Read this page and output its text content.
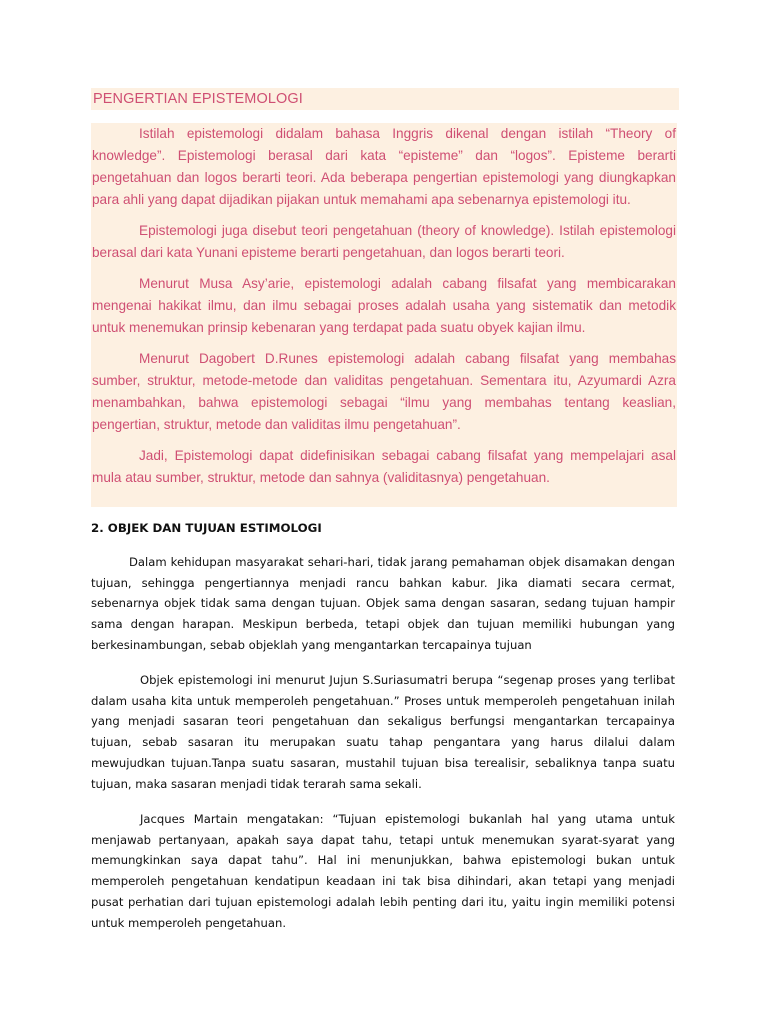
PENGERTIAN EPISTEMOLOGI

Istilah epistemologi didalam bahasa Inggris dikenal dengan istilah “Theory of knowledge”. Epistemologi berasal dari kata “episteme” dan “logos”. Episteme berarti pengetahuan dan logos berarti teori. Ada beberapa pengertian epistemologi yang diungkapkan para ahli yang dapat dijadikan pijakan untuk memahami apa sebenarnya epistemologi itu.

Epistemologi juga disebut teori pengetahuan (theory of knowledge). Istilah epistemologi berasal dari kata Yunani episteme berarti pengetahuan, dan logos berarti teori.

Menurut Musa Asy’arie, epistemologi adalah cabang filsafat yang membicarakan mengenai hakikat ilmu, dan ilmu sebagai proses adalah usaha yang sistematik dan metodik untuk menemukan prinsip kebenaran yang terdapat pada suatu obyek kajian ilmu.

Menurut Dagobert D.Runes epistemologi adalah cabang filsafat yang membahas sumber, struktur, metode-metode dan validitas pengetahuan. Sementara itu, Azyumardi Azra menambahkan, bahwa epistemologi sebagai “ilmu yang membahas tentang keaslian, pengertian, struktur, metode dan validitas ilmu pengetahuan”.

Jadi, Epistemologi dapat didefinisikan sebagai cabang filsafat yang mempelajari asal mula atau sumber, struktur, metode dan sahnya (validitasnya) pengetahuan.

2. OBJEK DAN TUJUAN ESTIMOLOGI

Dalam kehidupan masyarakat sehari-hari, tidak jarang pemahaman objek disamakan dengan tujuan, sehingga pengertiannya menjadi rancu bahkan kabur. Jika diamati secara cermat, sebenarnya objek tidak sama dengan tujuan. Objek sama dengan sasaran, sedang tujuan hampir sama dengan harapan. Meskipun berbeda, tetapi objek dan tujuan memiliki hubungan yang berkesinambungan, sebab objeklah yang mengantarkan tercapainya tujuan

Objek epistemologi ini menurut Jujun S.Suriasumatri berupa “segenap proses yang terlibat dalam usaha kita untuk memperoleh pengetahuan.” Proses untuk memperoleh pengetahuan inilah yang menjadi sasaran teori pengetahuan dan sekaligus berfungsi mengantarkan tercapainya tujuan, sebab sasaran itu merupakan suatu tahap pengantara yang harus dilalui dalam mewujudkan tujuan.Tanpa suatu sasaran, mustahil tujuan bisa terealisir, sebaliknya tanpa suatu tujuan, maka sasaran menjadi tidak terarah sama sekali.

Jacques Martain mengatakan: “Tujuan epistemologi bukanlah hal yang utama untuk menjawab pertanyaan, apakah saya dapat tahu, tetapi untuk menemukan syarat-syarat yang memungkinkan saya dapat tahu”. Hal ini menunjukkan, bahwa epistemologi bukan untuk memperoleh pengetahuan kendatipun keadaan ini tak bisa dihindari, akan tetapi yang menjadi pusat perhatian dari tujuan epistemologi adalah lebih penting dari itu, yaitu ingin memiliki potensi untuk memperoleh pengetahuan.
